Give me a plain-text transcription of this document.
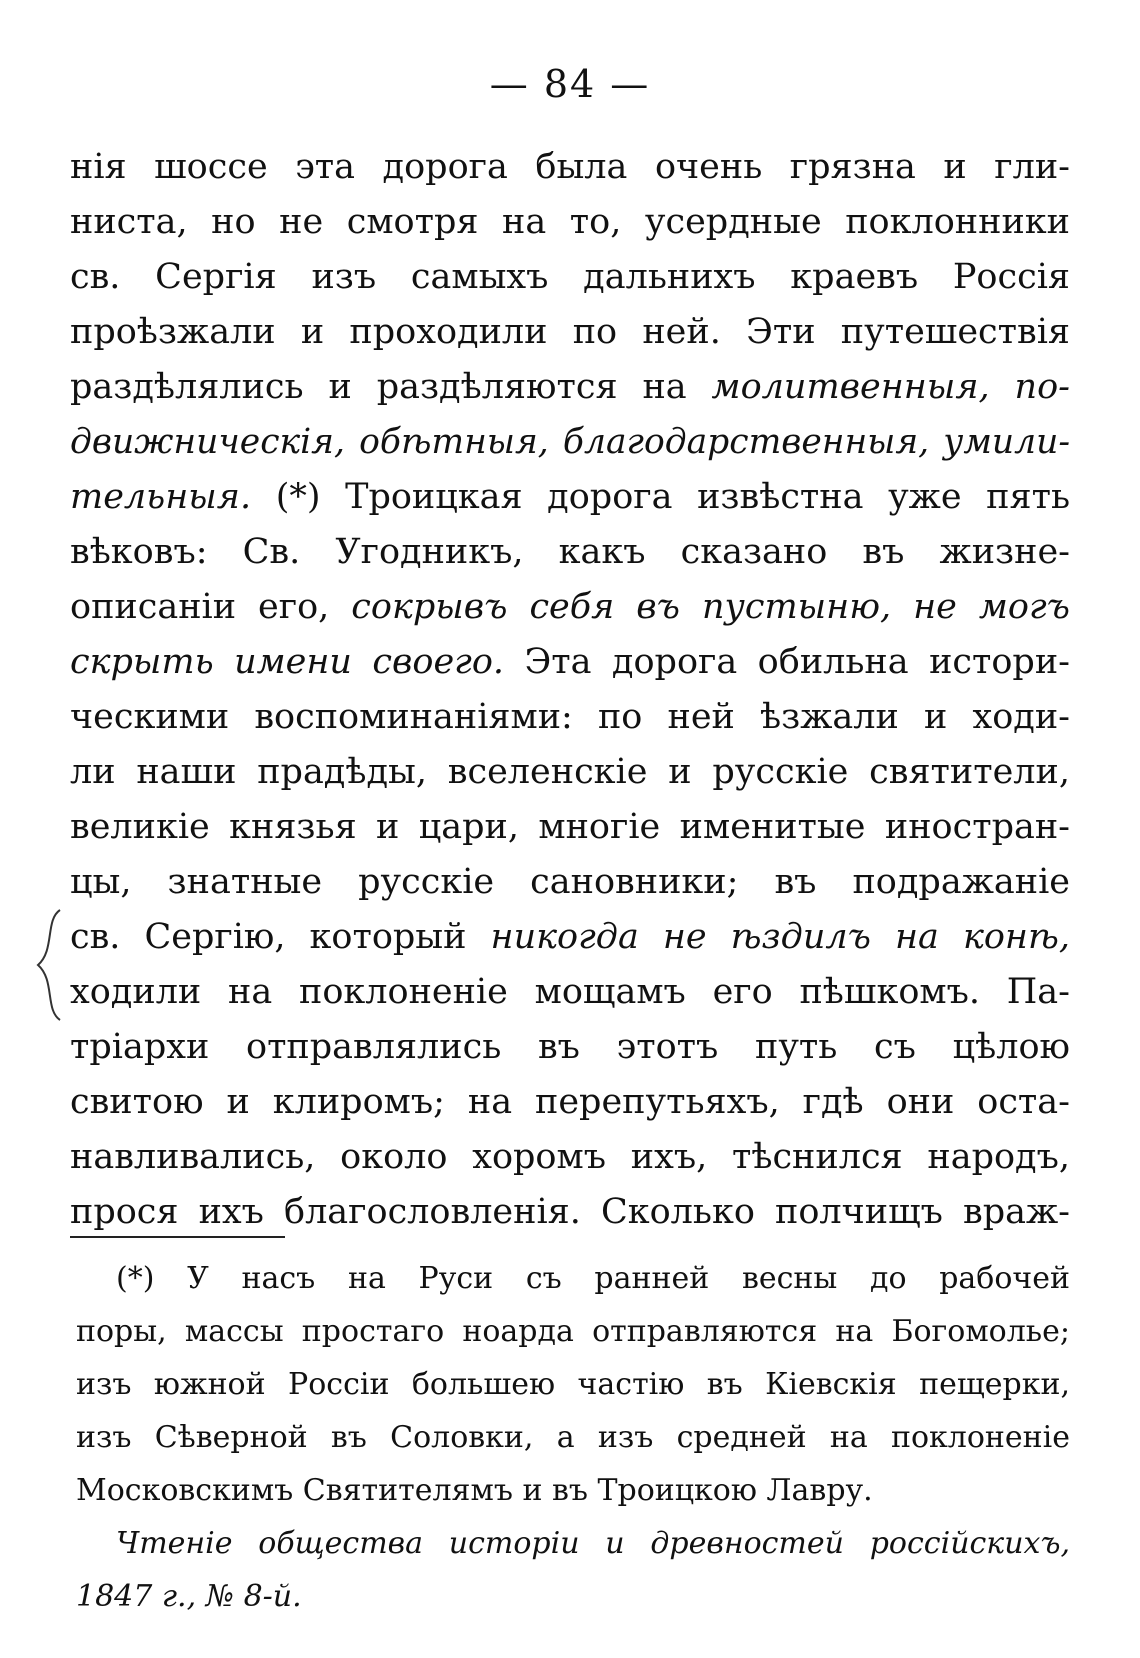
— 84 —
нія шоссе эта дорога была очень грязна и гли-
ниста, но не смотря на то, усердные поклонники
св. Сергія изъ самыхъ дальнихъ краевъ Россія
проѣзжали и проходили по ней. Эти путешествія
раздѣлялись и раздѣляются на молитвенныя, по-
движническія, обѣтныя, благодарственныя, умили-
тельныя. (*) Троицкая дорога извѣстна уже пять
вѣковъ: Св. Угодникъ, какъ сказано въ жизне-
описаніи его, сокрывъ себя въ пустыню, не могъ
скрыть имени своего. Эта дорога обильна истори-
ческими воспоминаніями: по ней ѣзжали и ходи-
ли наши прадѣды, вселенскіе и русскіе святители,
великіе князья и цари, многіе именитые иностран-
цы, знатные русскіе сановники; въ подражаніе
св. Сергію, который никогда не ѣздилъ на конѣ,
ходили на поклоненіе мощамъ его пѣшкомъ. Па-
тріархи отправлялись въ этотъ путь съ цѣлою
свитою и клиромъ; на перепутьяхъ, гдѣ они оста-
навливались, около хоромъ ихъ, тѣснился народъ,
прося ихъ благословленія. Сколько полчищъ враж-
(*) У насъ на Руси съ ранней весны до рабочей
поры, массы простаго ноарда отправляются на Богомолье;
изъ южной Россіи большею частію въ Кіевскія пещерки,
изъ Сѣверной въ Соловки, а изъ средней на поклоненіе
Московскимъ Святителямъ и въ Троицкою Лавру.
Чтеніе общества исторіи и древностей россійскихъ,
1847 г., № 8-й.
